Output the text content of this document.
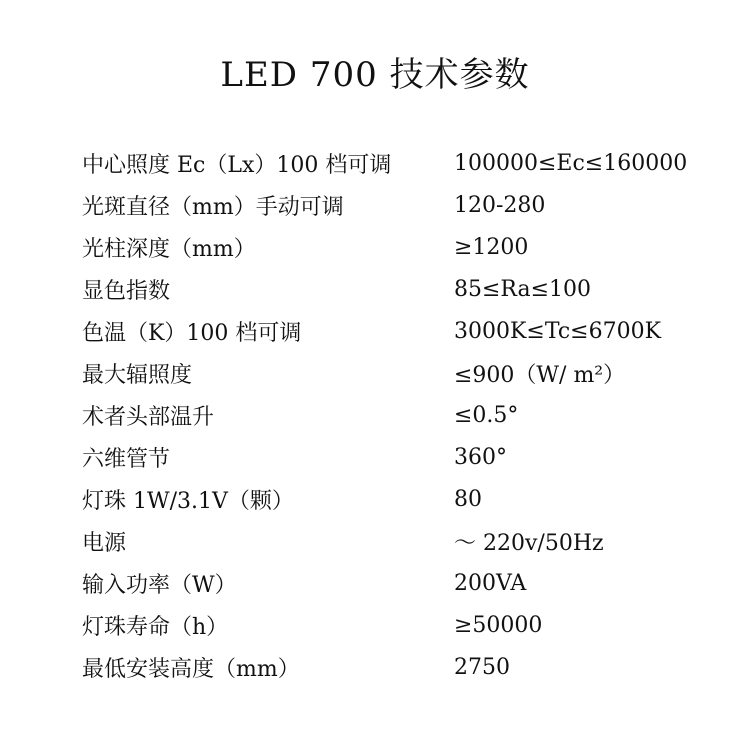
LED 700 技术参数
中心照度 Ec（Lx）100 档可调	100000≤Ec≤160000
光斑直径（mm）手动可调	120-280
光柱深度（mm）	≥1200
显色指数	85≤Ra≤100
色温（K）100 档可调	3000K≤Tc≤6700K
最大辐照度	≤900（W/ m²）
术者头部温升	≤0.5°
六维管节	360°
灯珠 1W/3.1V（颗）	80
电源	～ 220v/50Hz
输入功率（W）	200VA
灯珠寿命（h）	≥50000
最低安装高度（mm）	2750
